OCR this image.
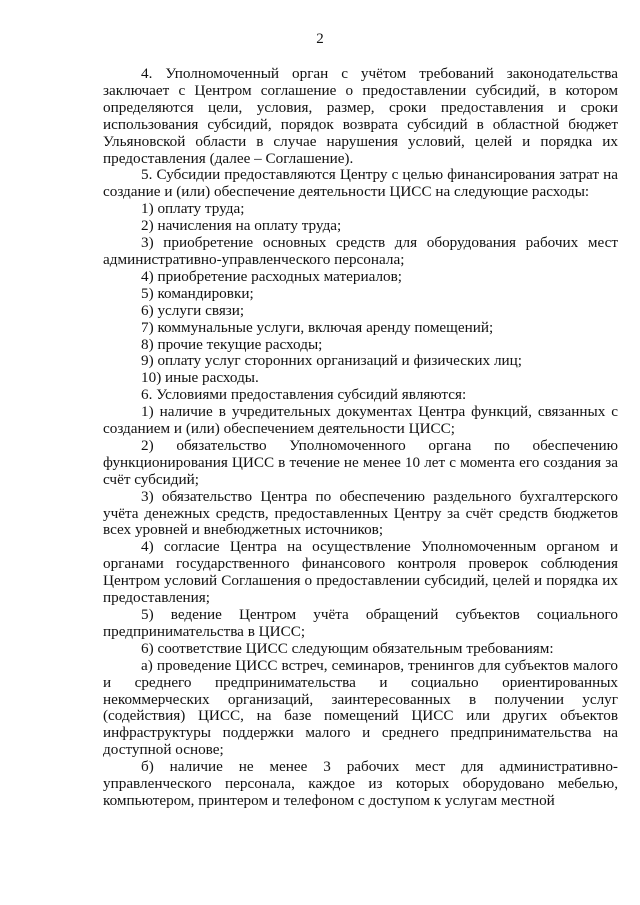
2

4. Уполномоченный орган с учётом требований законодательства заключает с Центром соглашение о предоставлении субсидий, в котором определяются цели, условия, размер, сроки предоставления и сроки использования субсидий, порядок возврата субсидий в областной бюджет Ульяновской области в случае нарушения условий, целей и порядка их предоставления (далее – Соглашение).

5. Субсидии предоставляются Центру с целью финансирования затрат на создание и (или) обеспечение деятельности ЦИСС на следующие расходы:

1) оплату труда;

2) начисления на оплату труда;

3) приобретение основных средств для оборудования рабочих мест административно-управленческого персонала;

4) приобретение расходных материалов;

5) командировки;

6) услуги связи;

7) коммунальные услуги, включая аренду помещений;

8) прочие текущие расходы;

9) оплату услуг сторонних организаций и физических лиц;

10) иные расходы.

6. Условиями предоставления субсидий являются:

1) наличие в учредительных документах Центра функций, связанных с созданием и (или) обеспечением деятельности ЦИСС;

2) обязательство Уполномоченного органа по обеспечению функционирования ЦИСС в течение не менее 10 лет с момента его создания за счёт субсидий;

3) обязательство Центра по обеспечению раздельного бухгалтерского учёта денежных средств, предоставленных Центру за счёт средств бюджетов всех уровней и внебюджетных источников;

4) согласие Центра на осуществление Уполномоченным органом и органами государственного финансового контроля проверок соблюдения Центром условий Соглашения о предоставлении субсидий, целей и порядка их предоставления;

5) ведение Центром учёта обращений субъектов социального предпринимательства в ЦИСС;

6) соответствие ЦИСС следующим обязательным требованиям:

а) проведение ЦИСС встреч, семинаров, тренингов для субъектов малого и среднего предпринимательства и социально ориентированных некоммерческих организаций, заинтересованных в получении услуг (содействия) ЦИСС, на базе помещений ЦИСС или других объектов инфраструктуры поддержки малого и среднего предпринимательства на доступной основе;

б) наличие не менее 3 рабочих мест для административно-управленческого персонала, каждое из которых оборудовано мебелью, компьютером, принтером и телефоном с доступом к услугам местной
